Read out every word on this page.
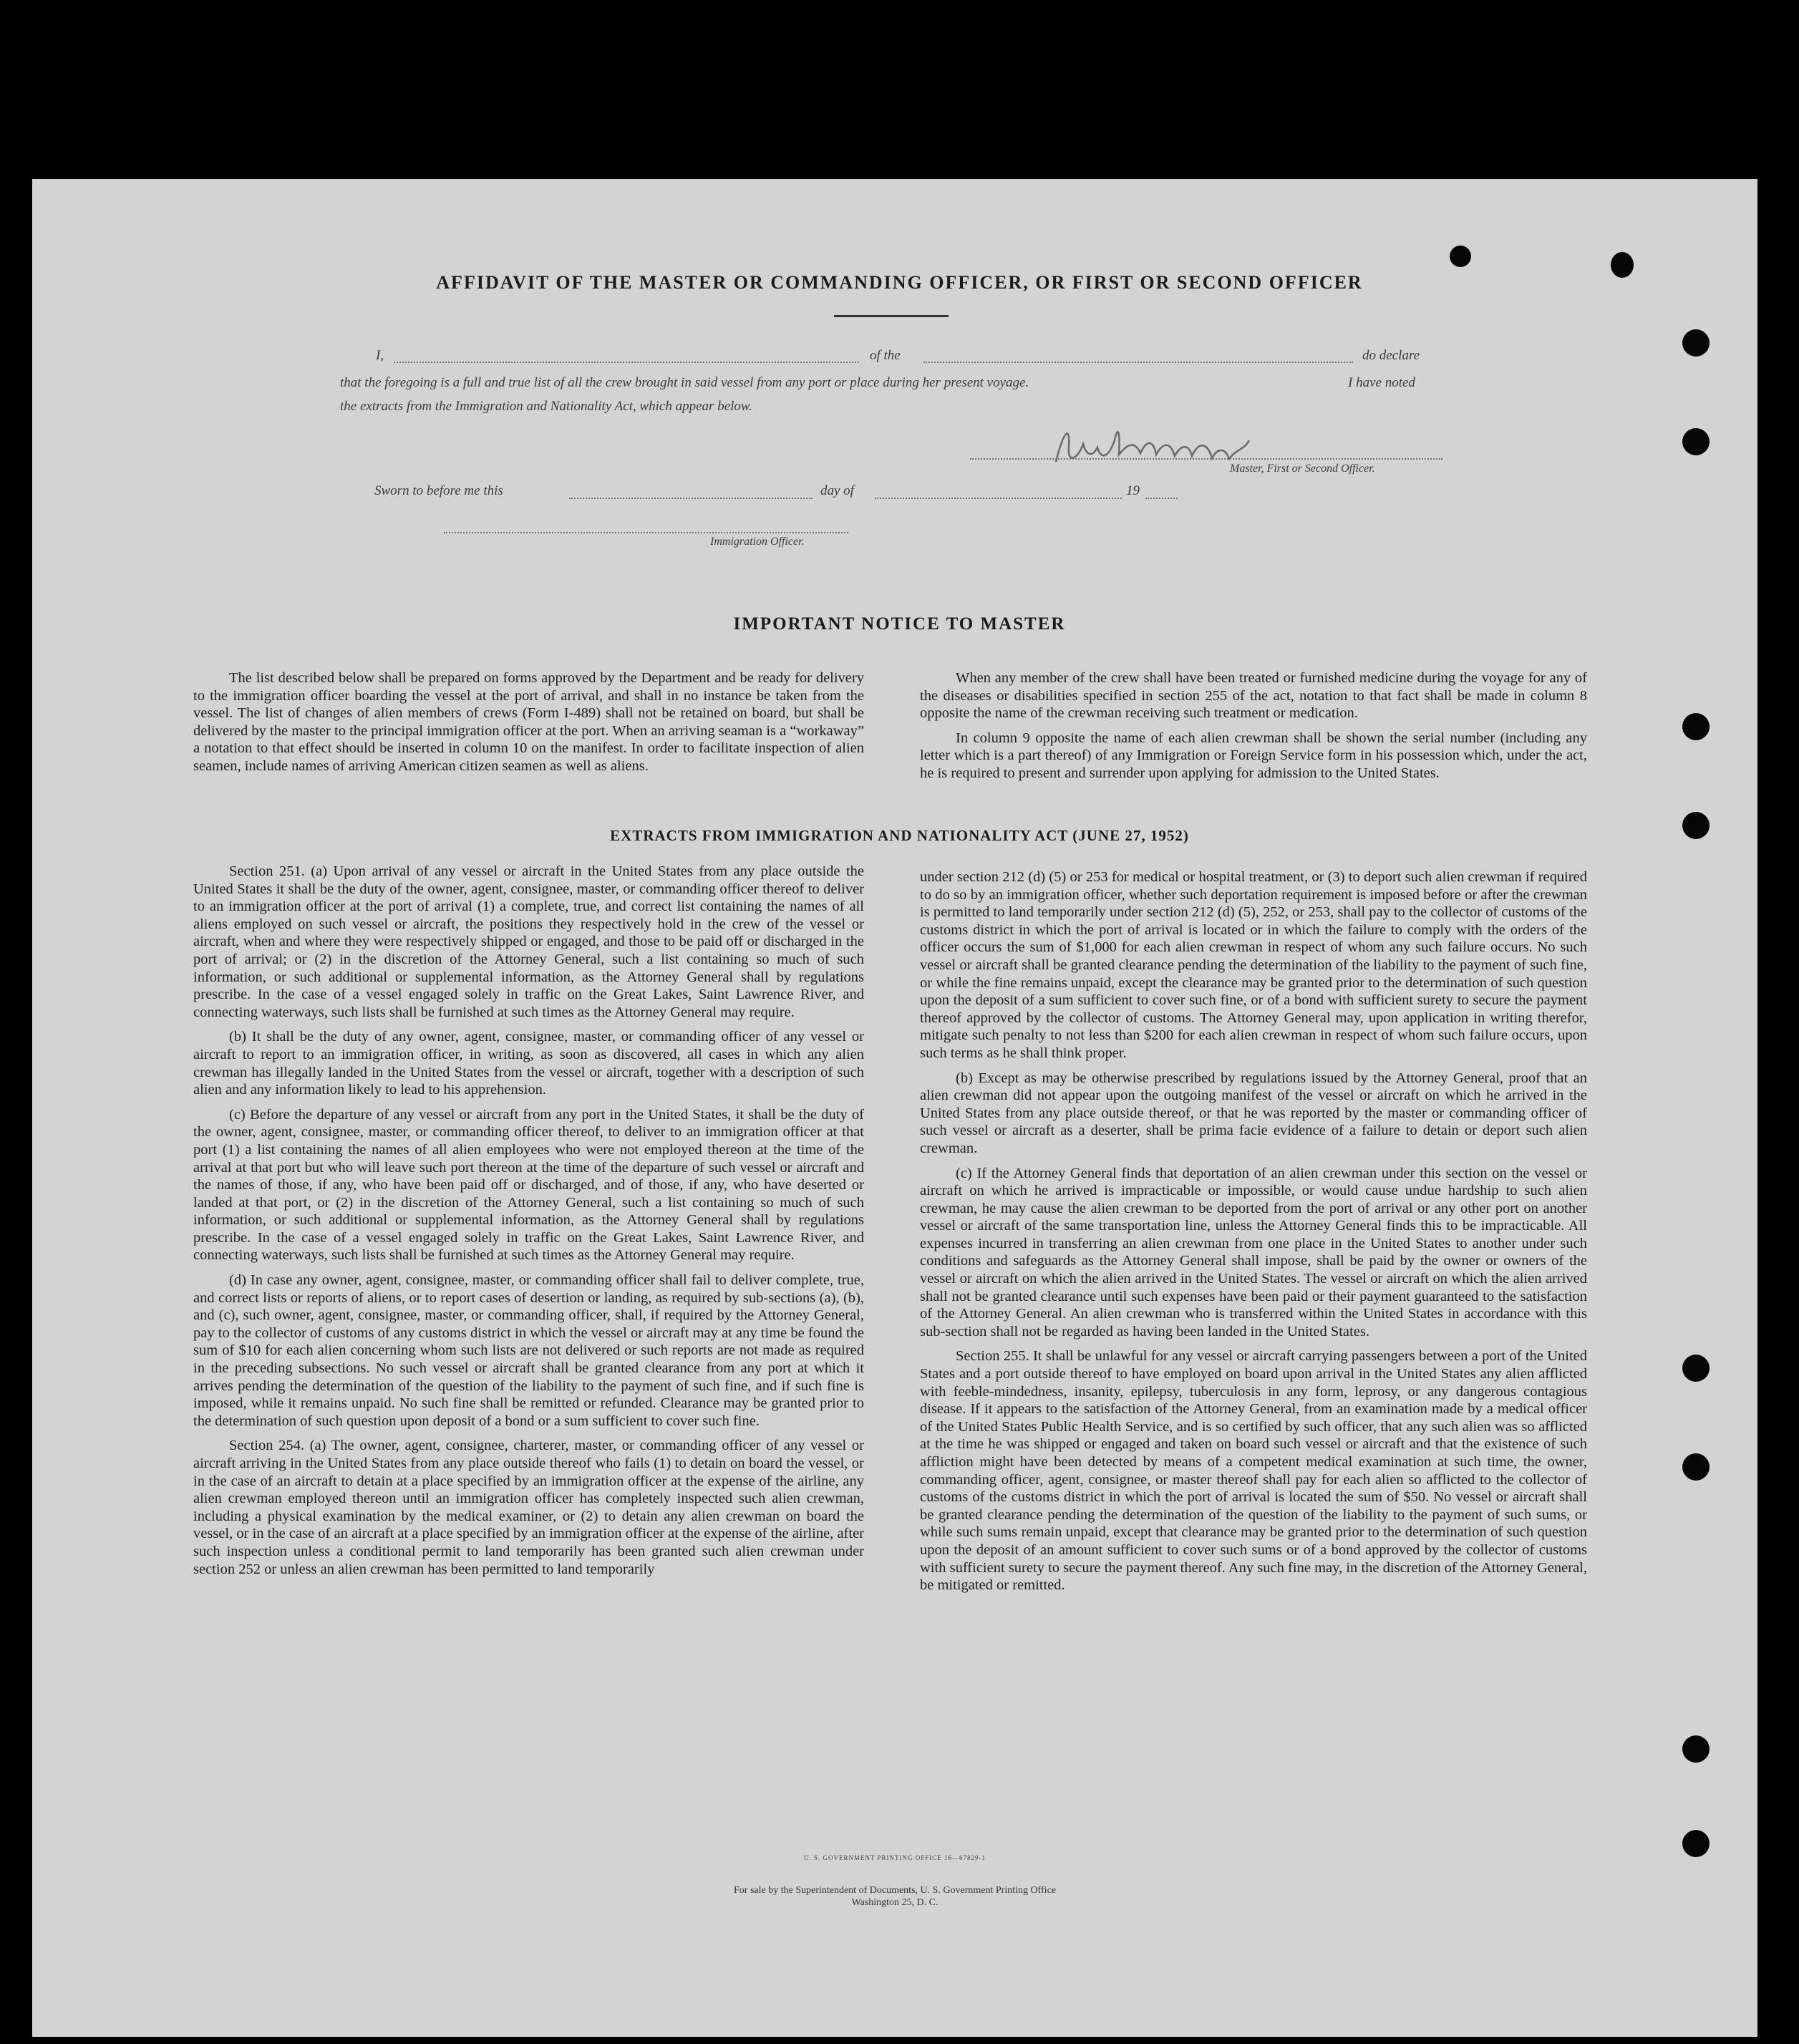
AFFIDAVIT OF THE MASTER OR COMMANDING OFFICER, OR FIRST OR SECOND OFFICER
I,	of the	do declare
that the foregoing is a full and true list of all the crew brought in said vessel from any port or place during her present voyage.	I have noted
the extracts from the Immigration and Nationality Act, which appear below.
Master, First or Second Officer.
Sworn to before me this	day of	19
Immigration Officer.
IMPORTANT NOTICE TO MASTER

The list described below shall be prepared on forms approved by the Department and be ready for delivery to the immigration officer boarding the vessel at the port of arrival, and shall in no instance be taken from the vessel. The list of changes of alien members of crews (Form I-489) shall not be retained on board, but shall be delivered by the master to the principal immigration officer at the port. When an arriving seaman is a “workaway” a notation to that effect should be inserted in column 10 on the manifest. In order to facilitate inspection of alien seamen, include names of arriving American citizen seamen as well as aliens.

When any member of the crew shall have been treated or furnished medicine during the voyage for any of the diseases or disabilities specified in section 255 of the act, notation to that fact shall be made in column 8 opposite the name of the crewman receiving such treatment or medication.

In column 9 opposite the name of each alien crewman shall be shown the serial number (including any letter which is a part thereof) of any Immigration or Foreign Service form in his possession which, under the act, he is required to present and surrender upon applying for admission to the United States.

EXTRACTS FROM IMMIGRATION AND NATIONALITY ACT (JUNE 27, 1952)

Section 251. (a) Upon arrival of any vessel or aircraft in the United States from any place outside the United States it shall be the duty of the owner, agent, consignee, master, or commanding officer thereof to deliver to an immigration officer at the port of arrival (1) a complete, true, and correct list containing the names of all aliens employed on such vessel or aircraft, the positions they respectively hold in the crew of the vessel or aircraft, when and where they were respectively shipped or engaged, and those to be paid off or discharged in the port of arrival; or (2) in the discretion of the Attorney General, such a list containing so much of such information, or such additional or supplemental information, as the Attorney General shall by regulations prescribe. In the case of a vessel engaged solely in traffic on the Great Lakes, Saint Lawrence River, and connecting waterways, such lists shall be furnished at such times as the Attorney General may require.

(b) It shall be the duty of any owner, agent, consignee, master, or commanding officer of any vessel or aircraft to report to an immigration officer, in writing, as soon as discovered, all cases in which any alien crewman has illegally landed in the United States from the vessel or aircraft, together with a description of such alien and any information likely to lead to his apprehension.

(c) Before the departure of any vessel or aircraft from any port in the United States, it shall be the duty of the owner, agent, consignee, master, or commanding officer thereof, to deliver to an immigration officer at that port (1) a list containing the names of all alien employees who were not employed thereon at the time of the arrival at that port but who will leave such port thereon at the time of the departure of such vessel or aircraft and the names of those, if any, who have been paid off or discharged, and of those, if any, who have deserted or landed at that port, or (2) in the discretion of the Attorney General, such a list containing so much of such information, or such additional or supplemental information, as the Attorney General shall by regulations prescribe. In the case of a vessel engaged solely in traffic on the Great Lakes, Saint Lawrence River, and connecting waterways, such lists shall be furnished at such times as the Attorney General may require.

(d) In case any owner, agent, consignee, master, or commanding officer shall fail to deliver complete, true, and correct lists or reports of aliens, or to report cases of desertion or landing, as required by sub-sections (a), (b), and (c), such owner, agent, consignee, master, or commanding officer, shall, if required by the Attorney General, pay to the collector of customs of any customs district in which the vessel or aircraft may at any time be found the sum of $10 for each alien concerning whom such lists are not delivered or such reports are not made as required in the preceding subsections. No such vessel or aircraft shall be granted clearance from any port at which it arrives pending the determination of the question of the liability to the payment of such fine, and if such fine is imposed, while it remains unpaid. No such fine shall be remitted or refunded. Clearance may be granted prior to the determination of such question upon deposit of a bond or a sum sufficient to cover such fine.

Section 254. (a) The owner, agent, consignee, charterer, master, or commanding officer of any vessel or aircraft arriving in the United States from any place outside thereof who fails (1) to detain on board the vessel, or in the case of an aircraft to detain at a place specified by an immigration officer at the expense of the airline, any alien crewman employed thereon until an immigration officer has completely inspected such alien crewman, including a physical examination by the medical examiner, or (2) to detain any alien crewman on board the vessel, or in the case of an aircraft at a place specified by an immigration officer at the expense of the airline, after such inspection unless a conditional permit to land temporarily has been granted such alien crewman under section 252 or unless an alien crewman has been permitted to land temporarily

under section 212 (d) (5) or 253 for medical or hospital treatment, or (3) to deport such alien crewman if required to do so by an immigration officer, whether such deportation requirement is imposed before or after the crewman is permitted to land temporarily under section 212 (d) (5), 252, or 253, shall pay to the collector of customs of the customs district in which the port of arrival is located or in which the failure to comply with the orders of the officer occurs the sum of $1,000 for each alien crewman in respect of whom any such failure occurs. No such vessel or aircraft shall be granted clearance pending the determination of the liability to the payment of such fine, or while the fine remains unpaid, except the clearance may be granted prior to the determination of such question upon the deposit of a sum sufficient to cover such fine, or of a bond with sufficient surety to secure the payment thereof approved by the collector of customs. The Attorney General may, upon application in writing therefor, mitigate such penalty to not less than $200 for each alien crewman in respect of whom such failure occurs, upon such terms as he shall think proper.

(b) Except as may be otherwise prescribed by regulations issued by the Attorney General, proof that an alien crewman did not appear upon the outgoing manifest of the vessel or aircraft on which he arrived in the United States from any place outside thereof, or that he was reported by the master or commanding officer of such vessel or aircraft as a deserter, shall be prima facie evidence of a failure to detain or deport such alien crewman.

(c) If the Attorney General finds that deportation of an alien crewman under this section on the vessel or aircraft on which he arrived is impracticable or impossible, or would cause undue hardship to such alien crewman, he may cause the alien crewman to be deported from the port of arrival or any other port on another vessel or aircraft of the same transportation line, unless the Attorney General finds this to be impracticable. All expenses incurred in transferring an alien crewman from one place in the United States to another under such conditions and safeguards as the Attorney General shall impose, shall be paid by the owner or owners of the vessel or aircraft on which the alien arrived in the United States. The vessel or aircraft on which the alien arrived shall not be granted clearance until such expenses have been paid or their payment guaranteed to the satisfaction of the Attorney General. An alien crewman who is transferred within the United States in accordance with this sub-section shall not be regarded as having been landed in the United States.

Section 255. It shall be unlawful for any vessel or aircraft carrying passengers between a port of the United States and a port outside thereof to have employed on board upon arrival in the United States any alien afflicted with feeble-mindedness, insanity, epilepsy, tuberculosis in any form, leprosy, or any dangerous contagious disease. If it appears to the satisfaction of the Attorney General, from an examination made by a medical officer of the United States Public Health Service, and is so certified by such officer, that any such alien was so afflicted at the time he was shipped or engaged and taken on board such vessel or aircraft and that the existence of such affliction might have been detected by means of a competent medical examination at such time, the owner, commanding officer, agent, consignee, or master thereof shall pay for each alien so afflicted to the collector of customs of the customs district in which the port of arrival is located the sum of $50. No vessel or aircraft shall be granted clearance pending the determination of the question of the liability to the payment of such sums, or while such sums remain unpaid, except that clearance may be granted prior to the determination of such question upon the deposit of an amount sufficient to cover such sums or of a bond approved by the collector of customs with sufficient surety to secure the payment thereof. Any such fine may, in the discretion of the Attorney General, be mitigated or remitted.

U. S. GOVERNMENT PRINTING OFFICE 16—67829-1
For sale by the Superintendent of Documents, U. S. Government Printing Office
Washington 25, D. C.
